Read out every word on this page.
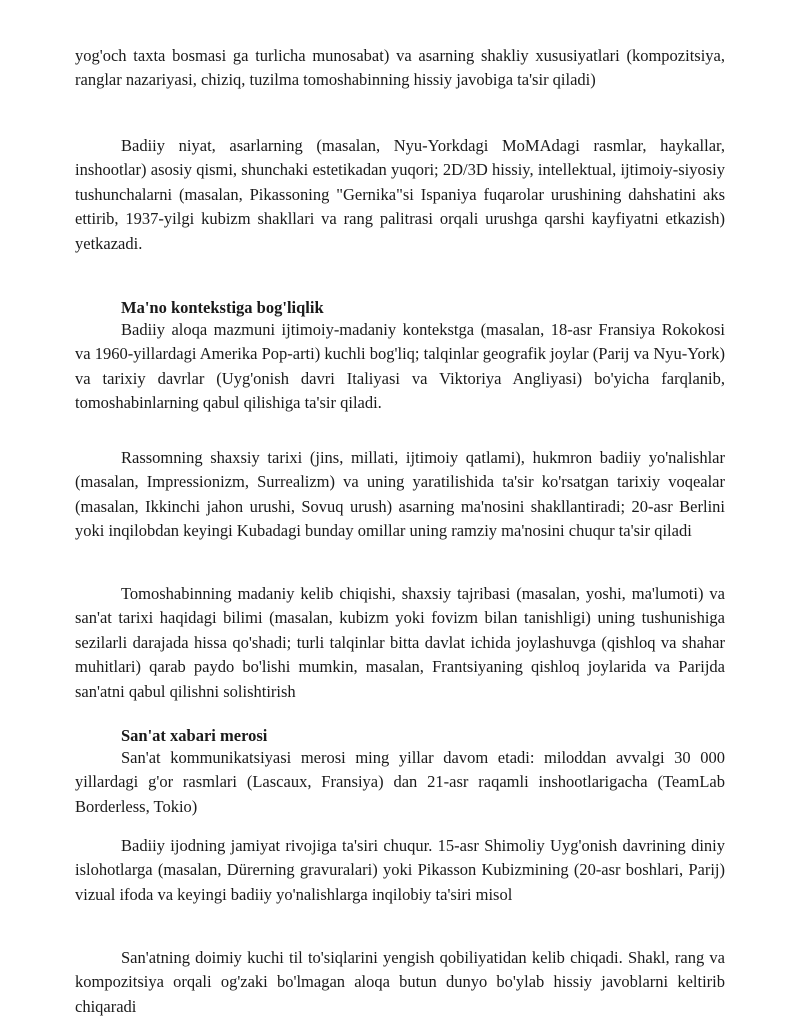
yog'och taxta bosmasi ga turlicha munosabat) va asarning shakliy xususiyatlari (kompozitsiya, ranglar nazariyasi, chiziq, tuzilma tomoshabinning hissiy javobiga ta'sir qiladi)

Badiiy niyat, asarlarning (masalan, Nyu-Yorkdagi MoMAdagi rasmlar, haykallar, inshootlar) asosiy qismi, shunchaki estetikadan yuqori; 2D/3D hissiy, intellektual, ijtimoiy-siyosiy tushunchalarni (masalan, Pikassoning "Gernika"si Ispaniya fuqarolar urushining dahshatini aks ettirib, 1937-yilgi kubizm shakllari va rang palitrasi orqali urushga qarshi kayfiyatni etkazish) yetkazadi.

Ma'no kontekstiga bog'liqlik

Badiiy aloqa mazmuni ijtimoiy-madaniy kontekstga (masalan, 18-asr Fransiya Rokokosi va 1960-yillardagi Amerika Pop-arti) kuchli bog'liq; talqinlar geografik joylar (Parij va Nyu-York) va tarixiy davrlar (Uyg'onish davri Italiyasi va Viktoriya Angliyasi) bo'yicha farqlanib, tomoshabinlarning qabul qilishiga ta'sir qiladi.

Rassomning shaxsiy tarixi (jins, millati, ijtimoiy qatlami), hukmron badiiy yo'nalishlar (masalan, Impressionizm, Surrealizm) va uning yaratilishida ta'sir ko'rsatgan tarixiy voqealar (masalan, Ikkinchi jahon urushi, Sovuq urush) asarning ma'nosini shakllantiradi; 20-asr Berlini yoki inqilobdan keyingi Kubadagi bunday omillar uning ramziy ma'nosini chuqur ta'sir qiladi

Tomoshabinning madaniy kelib chiqishi, shaxsiy tajribasi (masalan, yoshi, ma'lumoti) va san'at tarixi haqidagi bilimi (masalan, kubizm yoki fovizm bilan tanishligi) uning tushunishiga sezilarli darajada hissa qo'shadi; turli talqinlar bitta davlat ichida joylashuvga (qishloq va shahar muhitlari) qarab paydo bo'lishi mumkin, masalan, Frantsiyaning qishloq joylarida va Parijda san'atni qabul qilishni solishtirish

San'at xabari merosi

San'at kommunikatsiyasi merosi ming yillar davom etadi: miloddan avvalgi 30 000 yillardagi g'or rasmlari (Lascaux, Fransiya) dan 21-asr raqamli inshootlarigacha (TeamLab Borderless, Tokio)

Badiiy ijodning jamiyat rivojiga ta'siri chuqur. 15-asr Shimoliy Uyg'onish davrining diniy islohotlarga (masalan, Dürerning gravuralari) yoki Pikasson Kubizmining (20-asr boshlari, Parij) vizual ifoda va keyingi badiiy yo'nalishlarga inqilobiy ta'siri misol

San'atning doimiy kuchi til to'siqlarini yengish qobiliyatidan kelib chiqadi. Shakl, rang va kompozitsiya orqali og'zaki bo'lmagan aloqa butun dunyo bo'ylab hissiy javoblarni keltirib chiqaradi
